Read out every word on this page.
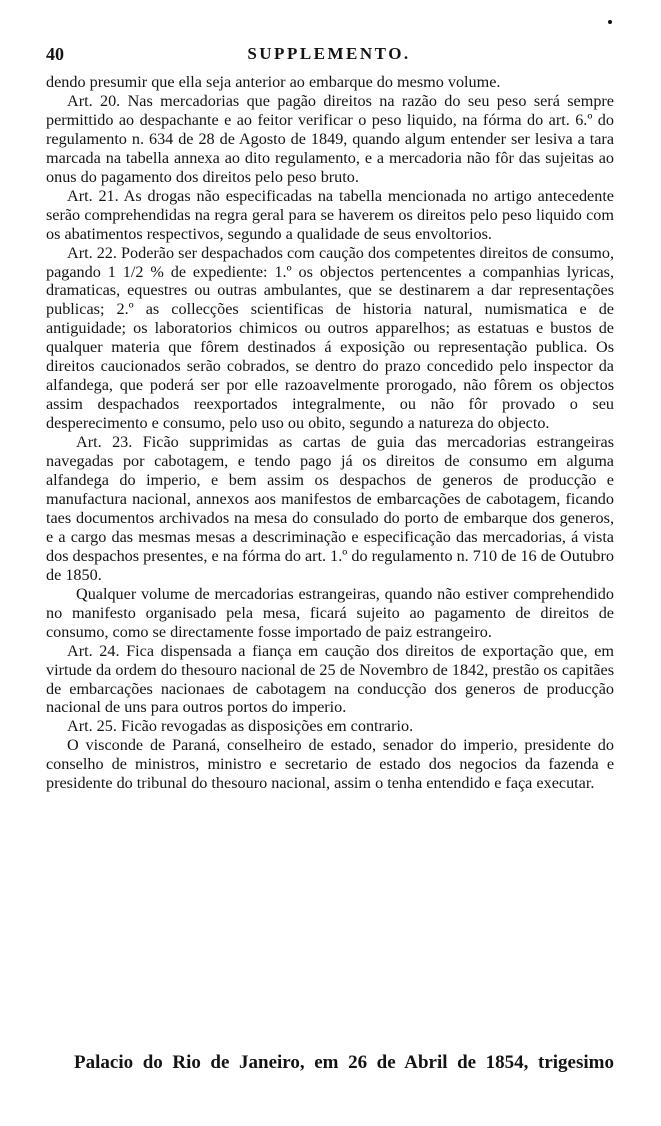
40	SUPPLEMENTO.

dendo presumir que ella seja anterior ao embarque do mesmo volume.

Art. 20. Nas mercadorias que pagão direitos na razão do seu peso será sempre permittido ao despachante e ao feitor verificar o peso liquido, na fórma do art. 6.º do regulamento n. 634 de 28 de Agosto de 1849, quando algum entender ser lesiva a tara marcada na tabella annexa ao dito regulamento, e a mercadoria não fôr das sujeitas ao onus do pagamento dos direitos pelo peso bruto.

Art. 21. As drogas não especificadas na tabella mencionada no artigo antecedente serão comprehendidas na regra geral para se haverem os direitos pelo peso liquido com os abatimentos respectivos, segundo a qualidade de seus envoltorios.

Art. 22. Poderão ser despachados com caução dos competentes direitos de consumo, pagando 1 1/2 % de expediente: 1.º os objectos pertencentes a companhias lyricas, dramaticas, equestres ou outras ambulantes, que se destinarem a dar representações publicas; 2.º as collecções scientificas de historia natural, numismatica e de antiguidade; os laboratorios chimicos ou outros apparelhos; as estatuas e bustos de qualquer materia que fôrem destinados á exposição ou representação publica. Os direitos caucionados serão cobrados, se dentro do prazo concedido pelo inspector da alfandega, que poderá ser por elle razoavelmente prorogado, não fôrem os objectos assim despachados reexportados integralmente, ou não fôr provado o seu desperecimento e consumo, pelo uso ou obito, segundo a natureza do objecto.

Art. 23. Ficão supprimidas as cartas de guia das mercadorias estrangeiras navegadas por cabotagem, e tendo pago já os direitos de consumo em alguma alfandega do imperio, e bem assim os despachos de generos de producção e manufactura nacional, annexos aos manifestos de embarcações de cabotagem, ficando taes documentos archivados na mesa do consulado do porto de embarque dos generos, e a cargo das mesmas mesas a descriminação e especificação das mercadorias, á vista dos despachos presentes, e na fórma do art. 1.º do regulamento n. 710 de 16 de Outubro de 1850.

Qualquer volume de mercadorias estrangeiras, quando não estiver comprehendido no manifesto organisado pela mesa, ficará sujeito ao pagamento de direitos de consumo, como se directamente fosse importado de paiz estrangeiro.

Art. 24. Fica dispensada a fiança em caução dos direitos de exportação que, em virtude da ordem do thesouro nacional de 25 de Novembro de 1842, prestão os capitães de embarcações nacionaes de cabotagem na conducção dos generos de producção nacional de uns para outros portos do imperio.

Art. 25. Ficão revogadas as disposições em contrario.

O visconde de Paraná, conselheiro de estado, senador do imperio, presidente do conselho de ministros, ministro e secretario de estado dos negocios da fazenda e presidente do tribunal do thesouro nacional, assim o tenha entendido e faça executar.

Palacio do Rio de Janeiro, em 26 de Abril de 1854, trigesimo
